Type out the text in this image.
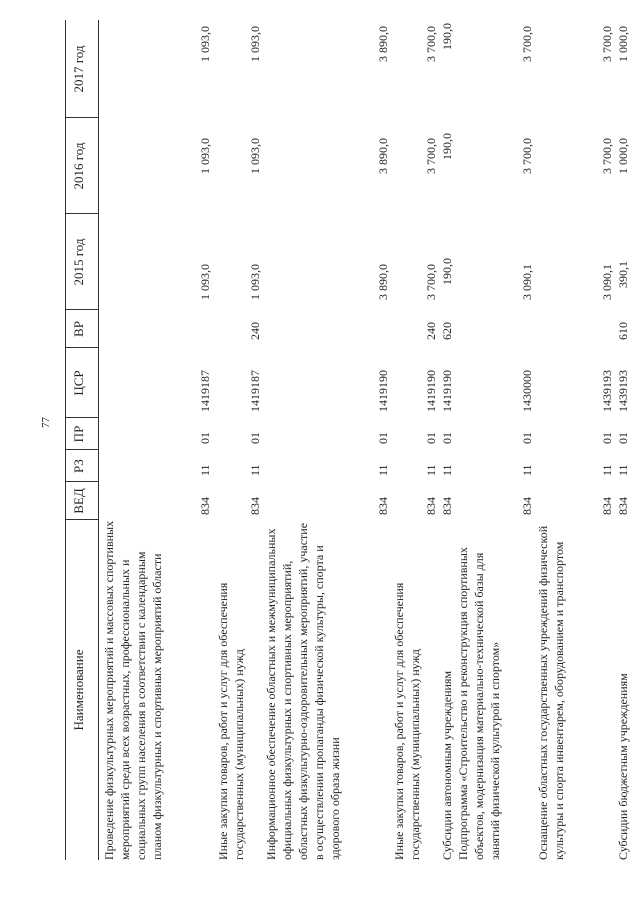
77
Наименование
ВЕД
РЗ
ПР
ЦСР
ВР
2015 год
2016 год
2017 год
Проведение физкультурных мероприятий и массовых спортивных мероприятий среди всех возрастных, профессиональных и социальных групп населения в соответствии с календарным планом физкультурных и спортивных мероприятий области
834
11
01
1419187
1 093,0
1 093,0
1 093,0
Иные закупки товаров, работ и услуг для обеспечения государственных (муниципальных) нужд
834
11
01
1419187
240
1 093,0
1 093,0
1 093,0
Информационное обеспечение областных и межмуниципальных официальных физкультурных и спортивных мероприятий, областных физкультурно-оздоровительных мероприятий, участие в осуществлении пропаганды физической культуры, спорта и здорового образа жизни
834
11
01
1419190
3 890,0
3 890,0
3 890,0
Иные закупки товаров, работ и услуг для обеспечения государственных (муниципальных) нужд
834
11
01
1419190
240
3 700,0
3 700,0
3 700,0
Субсидии автономным учреждениям
834
11
01
1419190
620
190,0
190,0
190,0
Подпрограмма «Строительство и реконструкция спортивных объектов, модернизация материально-технической базы для занятий физической культурой и спортом»
834
11
01
1430000
3 090,1
3 700,0
3 700,0
Оснащение областных государственных учреждений физической культуры и спорта инвентарем, оборудованием и транспортом
834
11
01
1439193
3 090,1
3 700,0
3 700,0
Субсидии бюджетным учреждениям
834
11
01
1439193
610
390,1
1 000,0
1 000,0
